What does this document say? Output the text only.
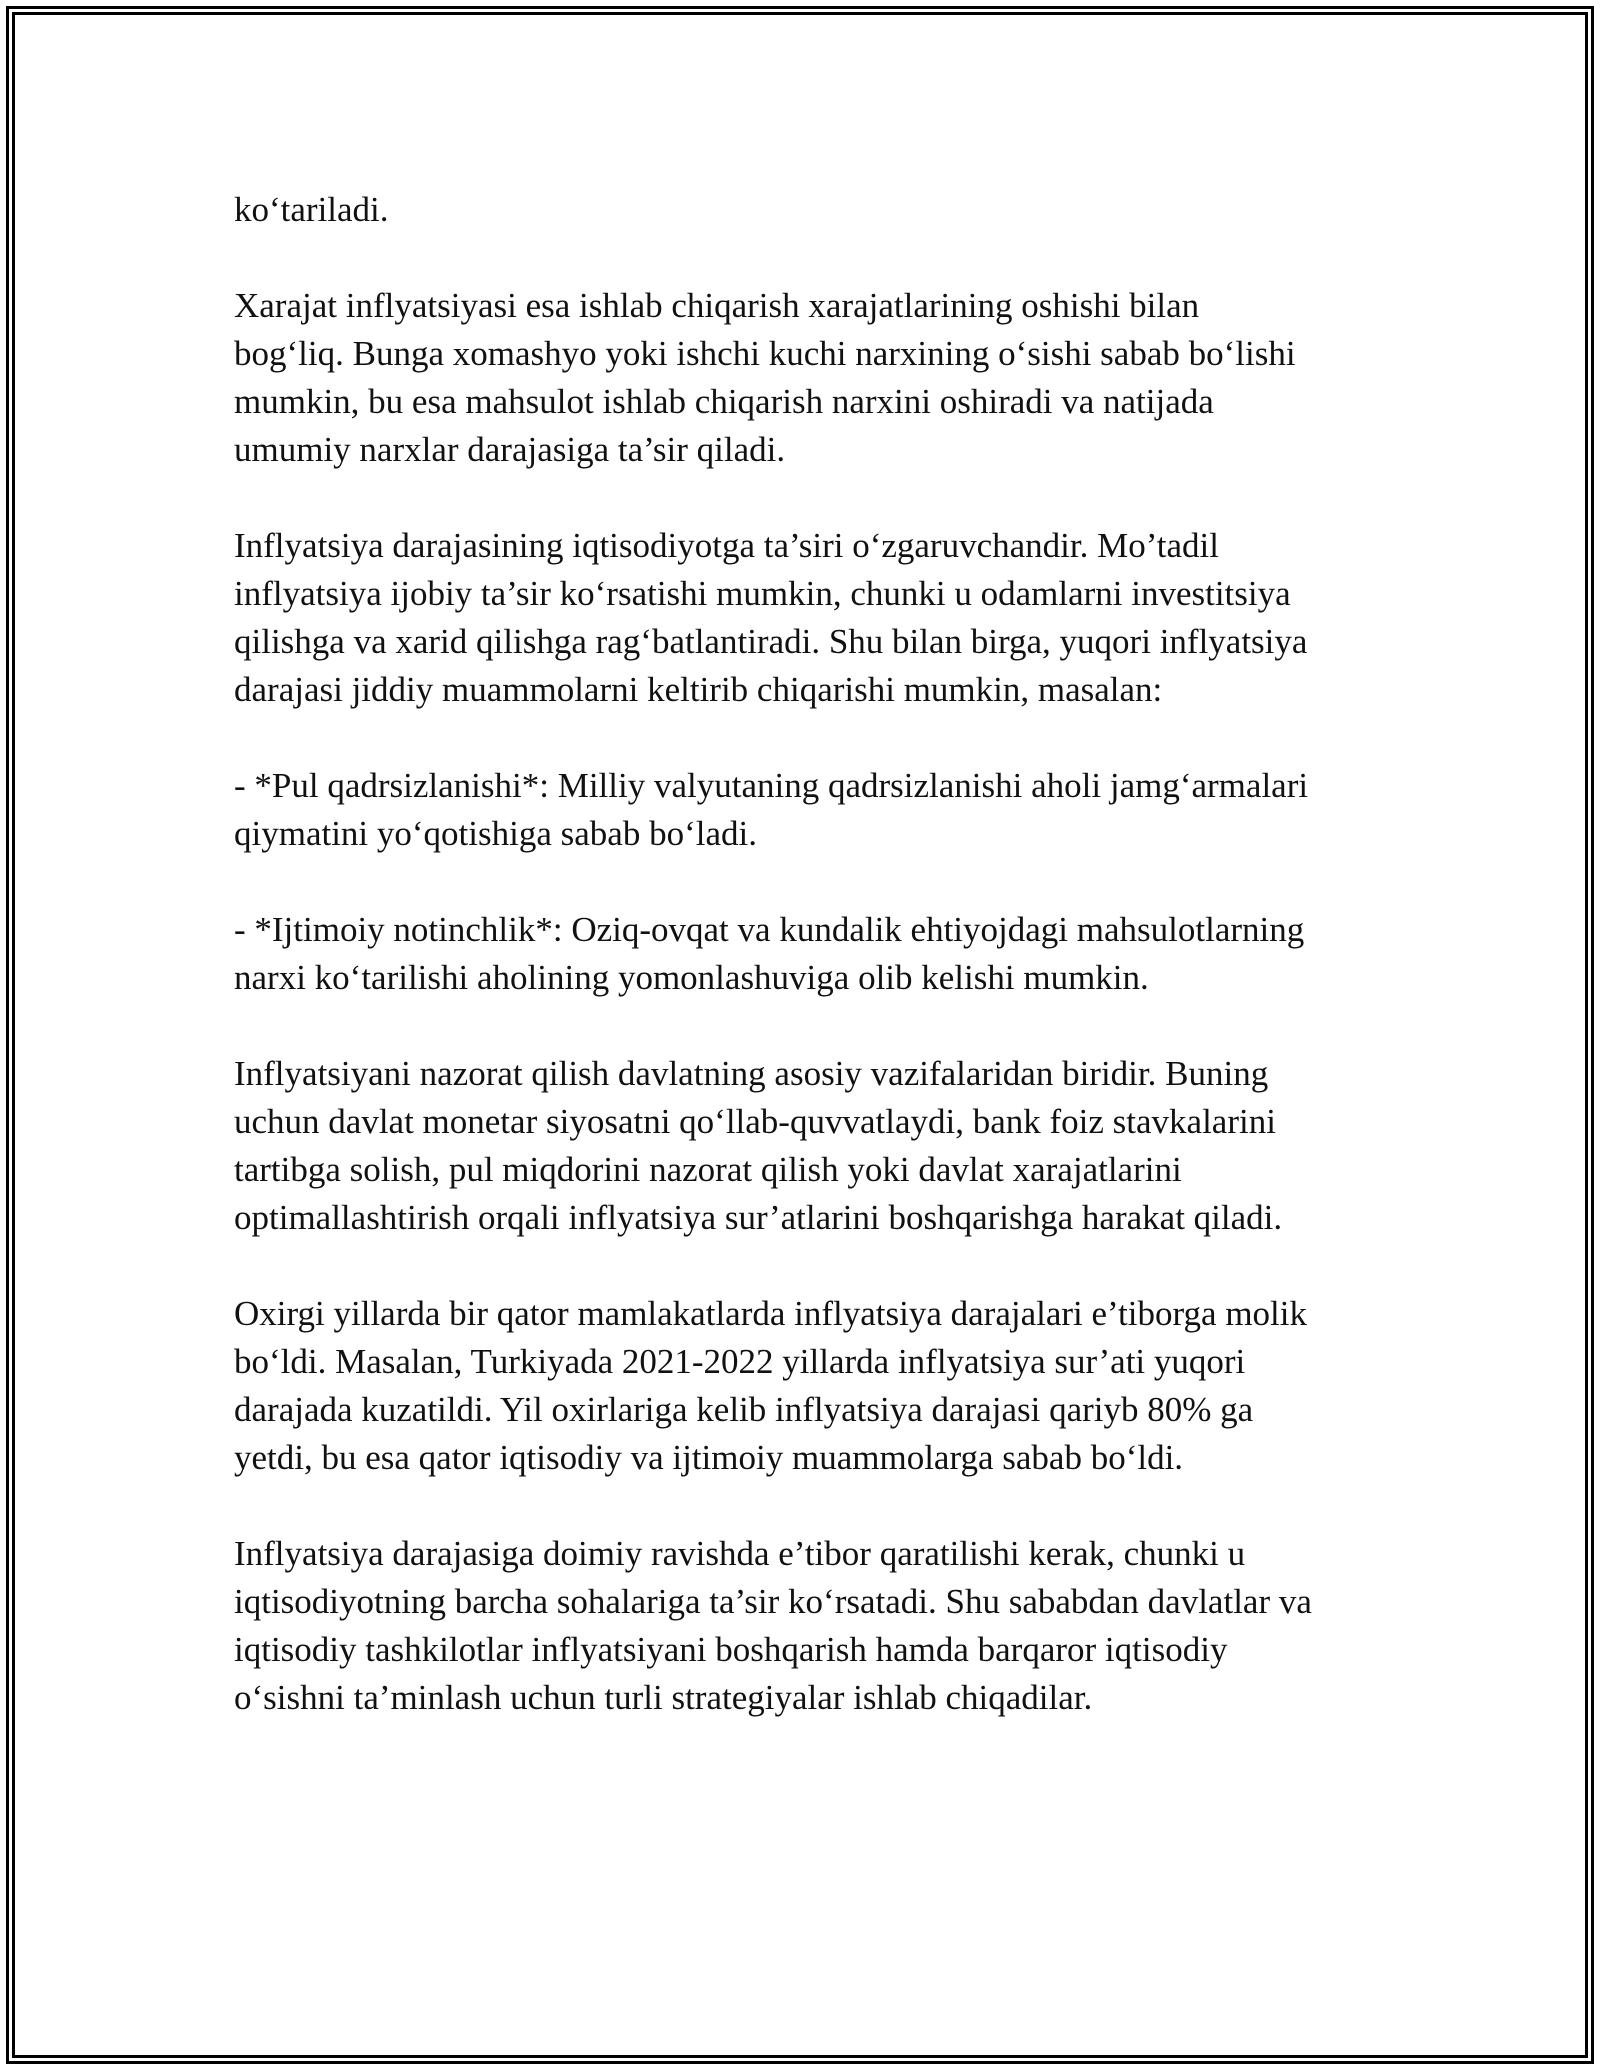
ko‘tariladi.

Xarajat inflyatsiyasi esa ishlab chiqarish xarajatlarining oshishi bilan
bog‘liq. Bunga xomashyo yoki ishchi kuchi narxining o‘sishi sabab bo‘lishi
mumkin, bu esa mahsulot ishlab chiqarish narxini oshiradi va natijada
umumiy narxlar darajasiga ta’sir qiladi.

Inflyatsiya darajasining iqtisodiyotga ta’siri o‘zgaruvchandir. Mo’tadil
inflyatsiya ijobiy ta’sir ko‘rsatishi mumkin, chunki u odamlarni investitsiya
qilishga va xarid qilishga rag‘batlantiradi. Shu bilan birga, yuqori inflyatsiya
darajasi jiddiy muammolarni keltirib chiqarishi mumkin, masalan:

- *Pul qadrsizlanishi*: Milliy valyutaning qadrsizlanishi aholi jamg‘armalari
qiymatini yo‘qotishiga sabab bo‘ladi.

- *Ijtimoiy notinchlik*: Oziq-ovqat va kundalik ehtiyojdagi mahsulotlarning
narxi ko‘tarilishi aholining yomonlashuviga olib kelishi mumkin.

Inflyatsiyani nazorat qilish davlatning asosiy vazifalaridan biridir. Buning
uchun davlat monetar siyosatni qo‘llab-quvvatlaydi, bank foiz stavkalarini
tartibga solish, pul miqdorini nazorat qilish yoki davlat xarajatlarini
optimallashtirish orqali inflyatsiya sur’atlarini boshqarishga harakat qiladi.

Oxirgi yillarda bir qator mamlakatlarda inflyatsiya darajalari e’tiborga molik
bo‘ldi. Masalan, Turkiyada 2021-2022 yillarda inflyatsiya sur’ati yuqori
darajada kuzatildi. Yil oxirlariga kelib inflyatsiya darajasi qariyb 80% ga
yetdi, bu esa qator iqtisodiy va ijtimoiy muammolarga sabab bo‘ldi.

Inflyatsiya darajasiga doimiy ravishda e’tibor qaratilishi kerak, chunki u
iqtisodiyotning barcha sohalariga ta’sir ko‘rsatadi. Shu sababdan davlatlar va
iqtisodiy tashkilotlar inflyatsiyani boshqarish hamda barqaror iqtisodiy
o‘sishni ta’minlash uchun turli strategiyalar ishlab chiqadilar.
